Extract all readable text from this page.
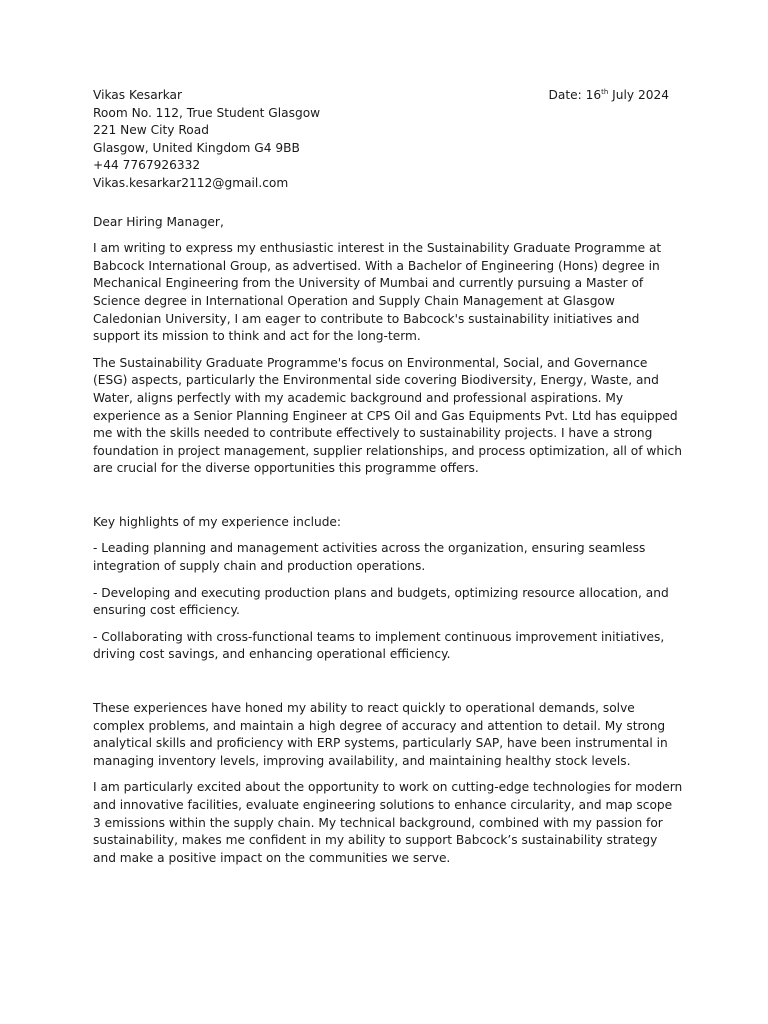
Vikas Kesarkar
Room No. 112, True Student Glasgow
221 New City Road
Glasgow, United Kingdom G4 9BB
+44 7767926332
Vikas.kesarkar2112@gmail.com
Date: 16th July 2024
Dear Hiring Manager,

I am writing to express my enthusiastic interest in the Sustainability Graduate Programme at Babcock International Group, as advertised. With a Bachelor of Engineering (Hons) degree in Mechanical Engineering from the University of Mumbai and currently pursuing a Master of Science degree in International Operation and Supply Chain Management at Glasgow Caledonian University, I am eager to contribute to Babcock's sustainability initiatives and support its mission to think and act for the long-term.

The Sustainability Graduate Programme's focus on Environmental, Social, and Governance (ESG) aspects, particularly the Environmental side covering Biodiversity, Energy, Waste, and Water, aligns perfectly with my academic background and professional aspirations. My experience as a Senior Planning Engineer at CPS Oil and Gas Equipments Pvt. Ltd has equipped me with the skills needed to contribute effectively to sustainability projects. I have a strong foundation in project management, supplier relationships, and process optimization, all of which are crucial for the diverse opportunities this programme offers.

Key highlights of my experience include:

- Leading planning and management activities across the organization, ensuring seamless integration of supply chain and production operations.

- Developing and executing production plans and budgets, optimizing resource allocation, and ensuring cost efficiency.

- Collaborating with cross-functional teams to implement continuous improvement initiatives, driving cost savings, and enhancing operational efficiency.

These experiences have honed my ability to react quickly to operational demands, solve complex problems, and maintain a high degree of accuracy and attention to detail. My strong analytical skills and proficiency with ERP systems, particularly SAP, have been instrumental in managing inventory levels, improving availability, and maintaining healthy stock levels.

I am particularly excited about the opportunity to work on cutting-edge technologies for modern and innovative facilities, evaluate engineering solutions to enhance circularity, and map scope 3 emissions within the supply chain. My technical background, combined with my passion for sustainability, makes me confident in my ability to support Babcock’s sustainability strategy and make a positive impact on the communities we serve.
